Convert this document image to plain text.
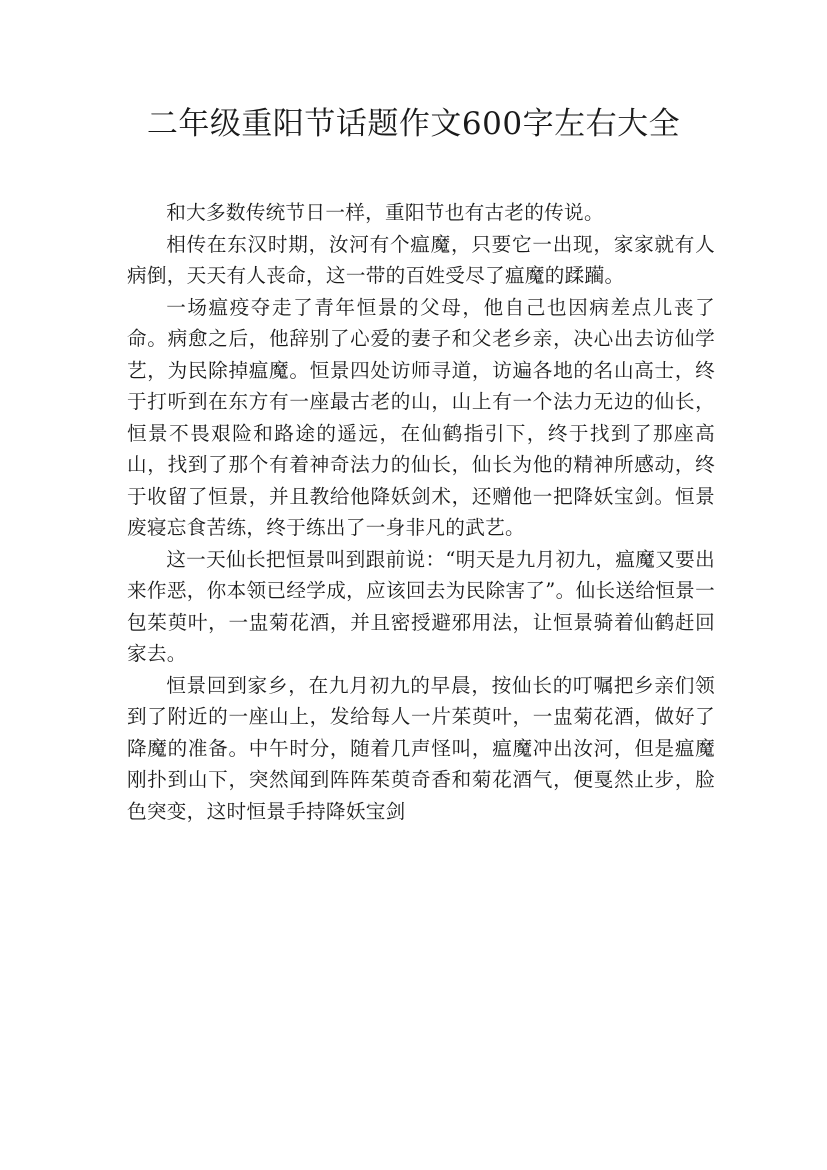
二年级重阳节话题作文600字左右大全

和大多数传统节日一样，重阳节也有古老的传说。

相传在东汉时期，汝河有个瘟魔，只要它一出现，家家就有人病倒，天天有人丧命，这一带的百姓受尽了瘟魔的蹂躏。

一场瘟疫夺走了青年恒景的父母，他自己也因病差点儿丧了命。病愈之后，他辞别了心爱的妻子和父老乡亲，决心出去访仙学艺，为民除掉瘟魔。恒景四处访师寻道，访遍各地的名山高士，终于打听到在东方有一座最古老的山，山上有一个法力无边的仙长，恒景不畏艰险和路途的遥远，在仙鹤指引下，终于找到了那座高山，找到了那个有着神奇法力的仙长，仙长为他的精神所感动，终于收留了恒景，并且教给他降妖剑术，还赠他一把降妖宝剑。恒景废寝忘食苦练，终于练出了一身非凡的武艺。

这一天仙长把恒景叫到跟前说：“明天是九月初九，瘟魔又要出来作恶，你本领已经学成，应该回去为民除害了”。仙长送给恒景一包茱萸叶，一盅菊花酒，并且密授避邪用法，让恒景骑着仙鹤赶回家去。

恒景回到家乡，在九月初九的早晨，按仙长的叮嘱把乡亲们领到了附近的一座山上，发给每人一片茱萸叶，一盅菊花酒，做好了降魔的准备。中午时分，随着几声怪叫，瘟魔冲出汝河，但是瘟魔刚扑到山下，突然闻到阵阵茱萸奇香和菊花酒气，便戛然止步，脸色突变，这时恒景手持降妖宝剑
